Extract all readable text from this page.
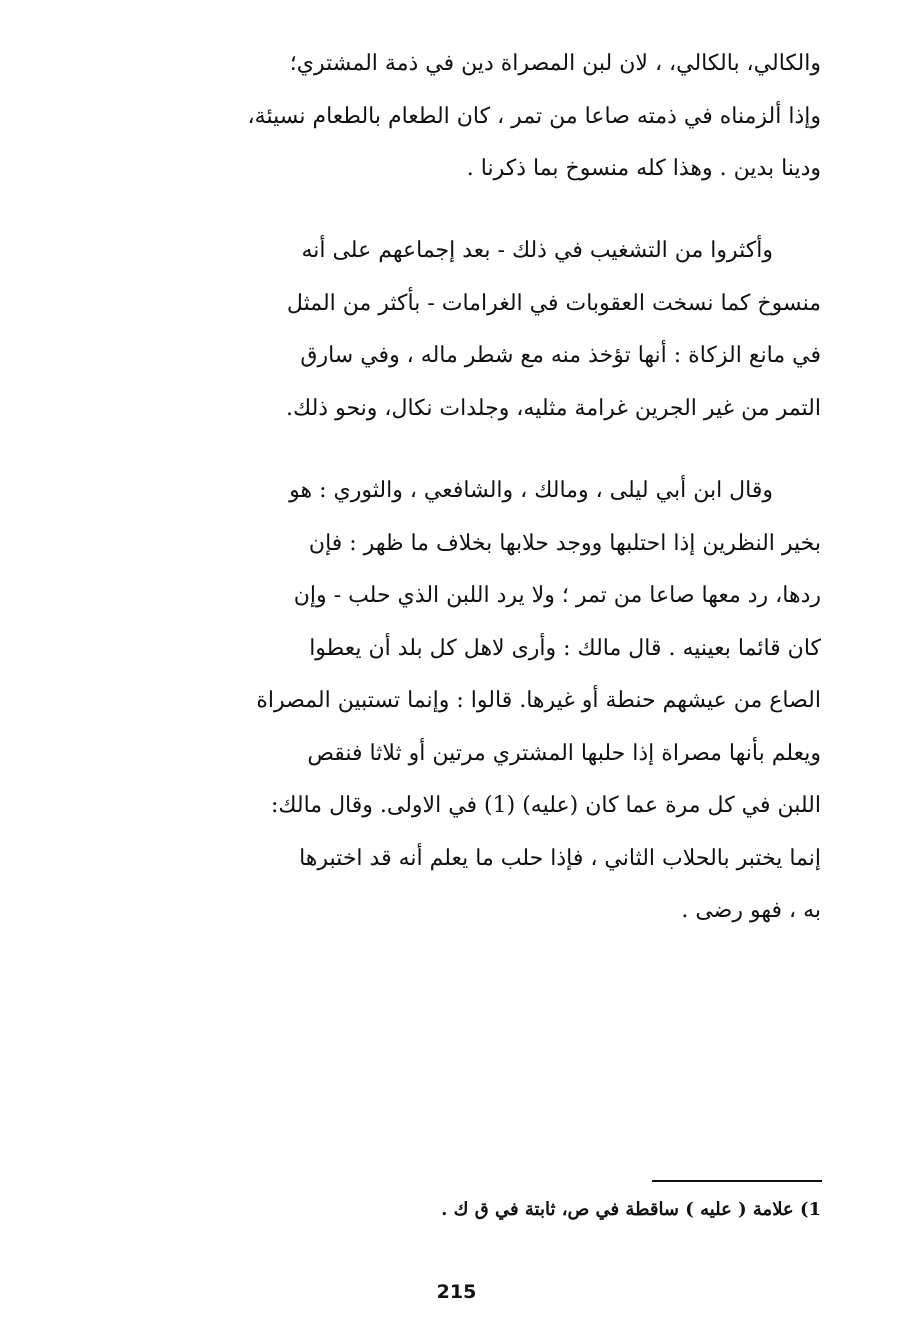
والكالي، بالكالي، ، لان لبن المصراة دين في ذمة المشتري؛

وإذا ألزمناه في ذمته صاعا من تمر ، كان الطعام بالطعام نسيئة،

ودينا بدين . وهذا كله منسوخ بما ذكرنا .

وأكثروا من التشغيب في ذلك - بعد إجماعهم على أنه

منسوخ كما نسخت العقوبات في الغرامات - بأكثر من المثل

في مانع الزكاة : أنها تؤخذ منه مع شطر ماله ، وفي سارق

التمر من غير الجرين غرامة مثليه، وجلدات نكال، ونحو ذلك.

وقال ابن أبي ليلى ، ومالك ، والشافعي ، والثوري : هو

بخير النظرين إذا احتلبها ووجد حلابها بخلاف ما ظهر : فإن

ردها، رد معها صاعا من تمر ؛ ولا يرد اللبن الذي حلب - وإن

كان قائما بعينيه . قال مالك : وأرى لاهل كل بلد أن يعطوا

الصاع من عيشهم حنطة أو غيرها. قالوا : وإنما تستبين المصراة

ويعلم بأنها مصراة إذا حلبها المشتري مرتين أو ثلاثا فنقص

اللبن في كل مرة عما كان (عليه) (1) في الاولى. وقال مالك:

إنما يختبر بالحلاب الثاني ، فإذا حلب ما يعلم أنه قد اختبرها

به ، فهو رضى .

1) علامة ( عليه ) ساقطة في ص، ثابتة في ق ك .
215
